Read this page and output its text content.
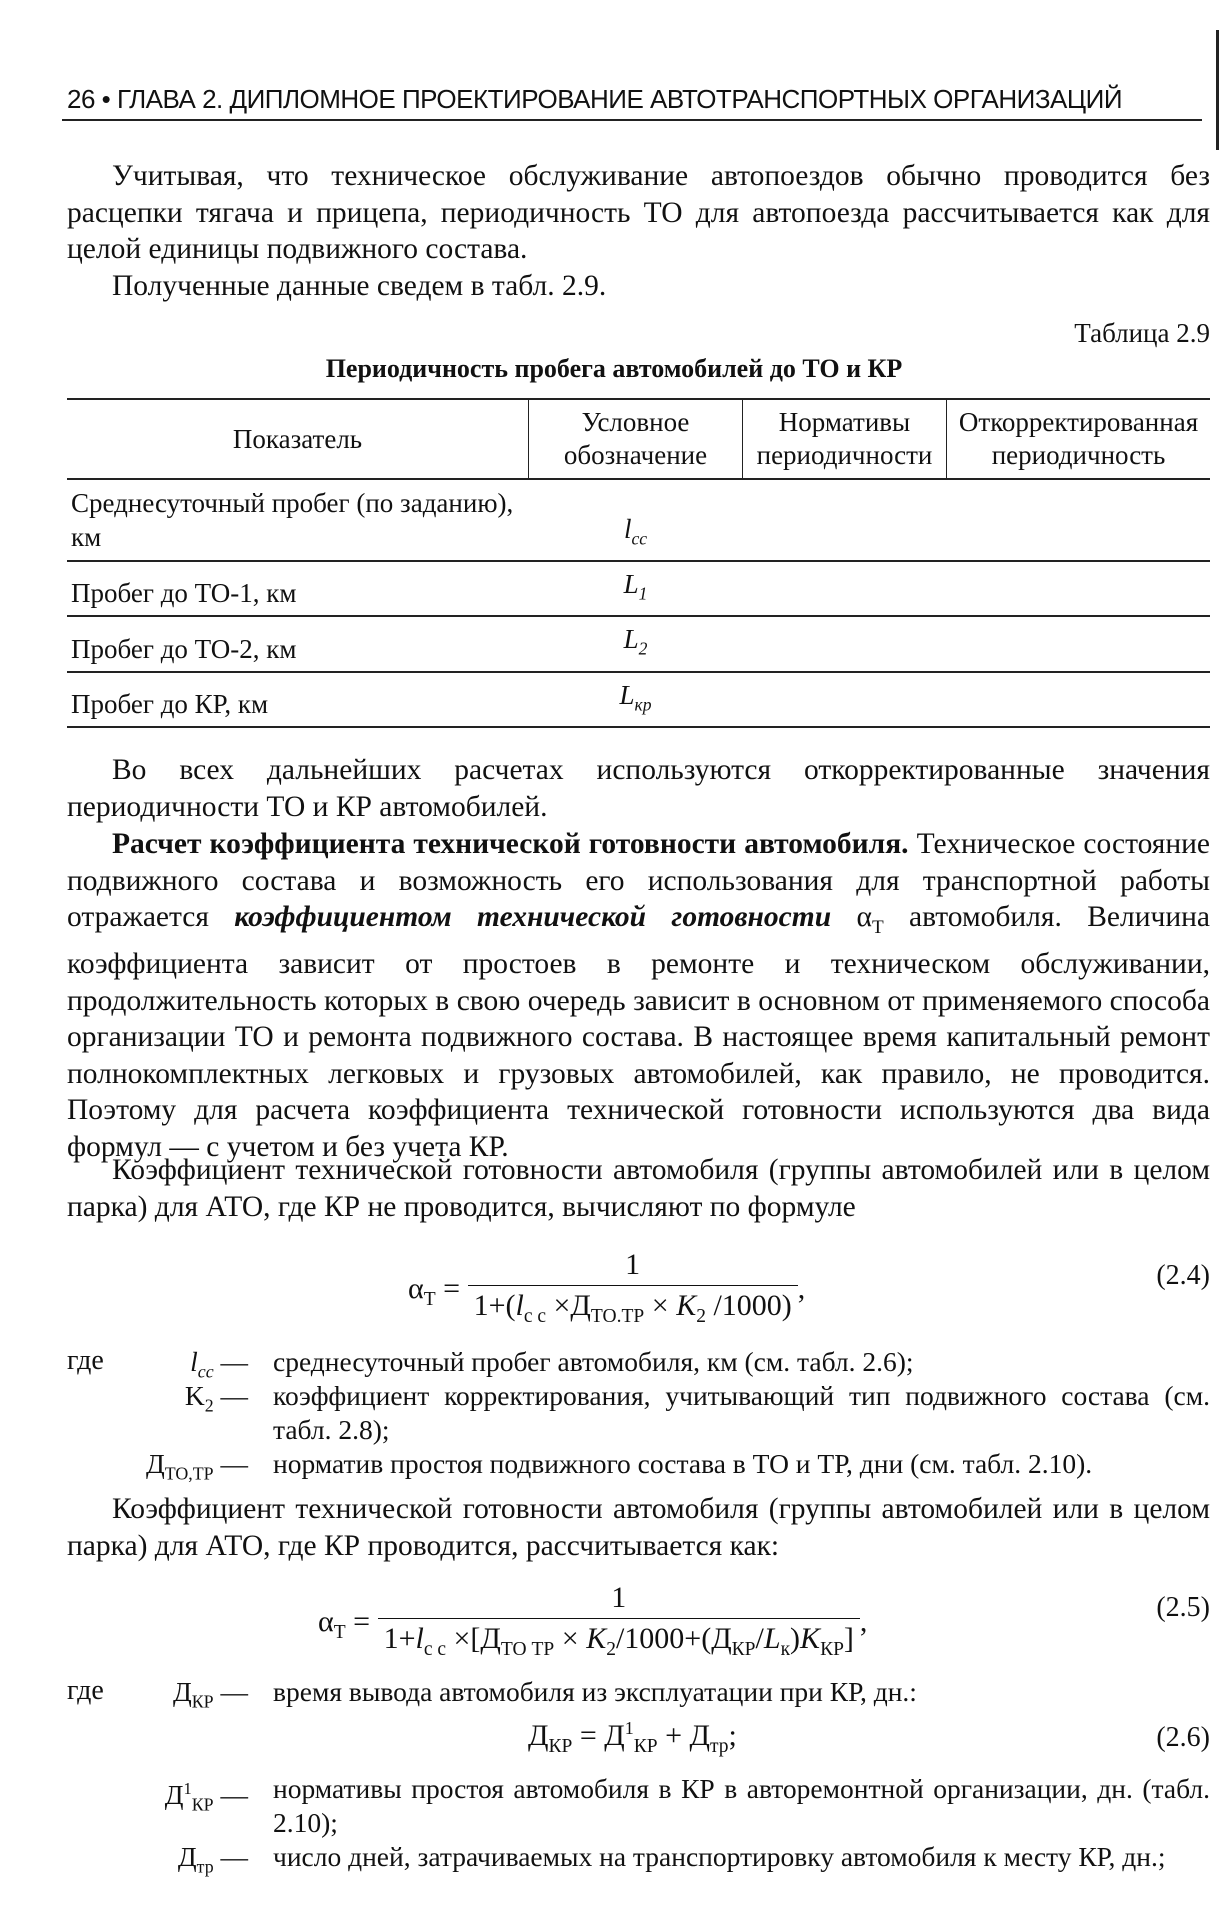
26 • ГЛАВА 2. ДИПЛОМНОЕ ПРОЕКТИРОВАНИЕ АВТОТРАНСПОРТНЫХ ОРГАНИЗАЦИЙ
Учитывая, что техническое обслуживание автопоездов обычно проводится без расцепки тягача и прицепа, периодичность ТО для автопоезда рассчитывается как для целой единицы подвижного состава.
Полученные данные сведем в табл. 2.9.
Таблица 2.9
Периодичность пробега автомобилей до ТО и КР
Показатель	Условное обозначение	Нормативы периодичности	Откорректированная периодичность
Среднесуточный пробег (по заданию), км	$l_{сс}$		
Пробег до ТО-1, км	$L_1$		
Пробег до ТО-2, км	$L_2$		
Пробег до КР, км	$L_{кр}$		
Во всех дальнейших расчетах используются откорректированные значения периодичности ТО и КР автомобилей.
Расчет коэффициента технической готовности автомобиля. Техническое состояние подвижного состава и возможность его использования для транспортной работы отражается коэффициентом технической готовности $\alpha_Т$ автомобиля. Величина коэффициента зависит от простоев в ремонте и техническом обслуживании, продолжительность которых в свою очередь зависит в основном от применяемого способа организации ТО и ремонта подвижного состава. В настоящее время капитальный ремонт полнокомплектных легковых и грузовых автомобилей, как правило, не проводится. Поэтому для расчета коэффициента технической готовности используются два вида формул — с учетом и без учета КР.
Коэффициент технической готовности автомобиля (группы автомобилей или в целом парка) для АТО, где КР не проводится, вычисляют по формуле
$\alpha_Т = \frac{1}{1+(l_{с с} \times Д_{ТО.ТР} \times K_2 /1000)}$ ,	(2.4)
где	$l_{сс}$ — среднесуточный пробег автомобиля, км (см. табл. 2.6);
$K_2$ — коэффициент корректирования, учитывающий тип подвижного состава (см. табл. 2.8);
$Д_{ТО,ТР}$ — норматив простоя подвижного состава в ТО и ТР, дни (см. табл. 2.10).
Коэффициент технической готовности автомобиля (группы автомобилей или в целом парка) для АТО, где КР проводится, рассчитывается как:
$\alpha_Т = \frac{1}{1+l_{с с} \times[Д_{ТО ТР} \times K_2/1000+(Д_{КР}/L_к)K_{КР}]}$ ,	(2.5)
где	$Д_{КР}$ — время вывода автомобиля из эксплуатации при КР, дн.:
$Д_{КР} = Д^1_{КР} + Д_{тр}$;	(2.6)
$Д^1_{КР}$ — нормативы простоя автомобиля в КР в авторемонтной организации, дн. (табл. 2.10);
$Д_{тр}$ — число дней, затрачиваемых на транспортировку автомобиля к месту КР, дн.;
